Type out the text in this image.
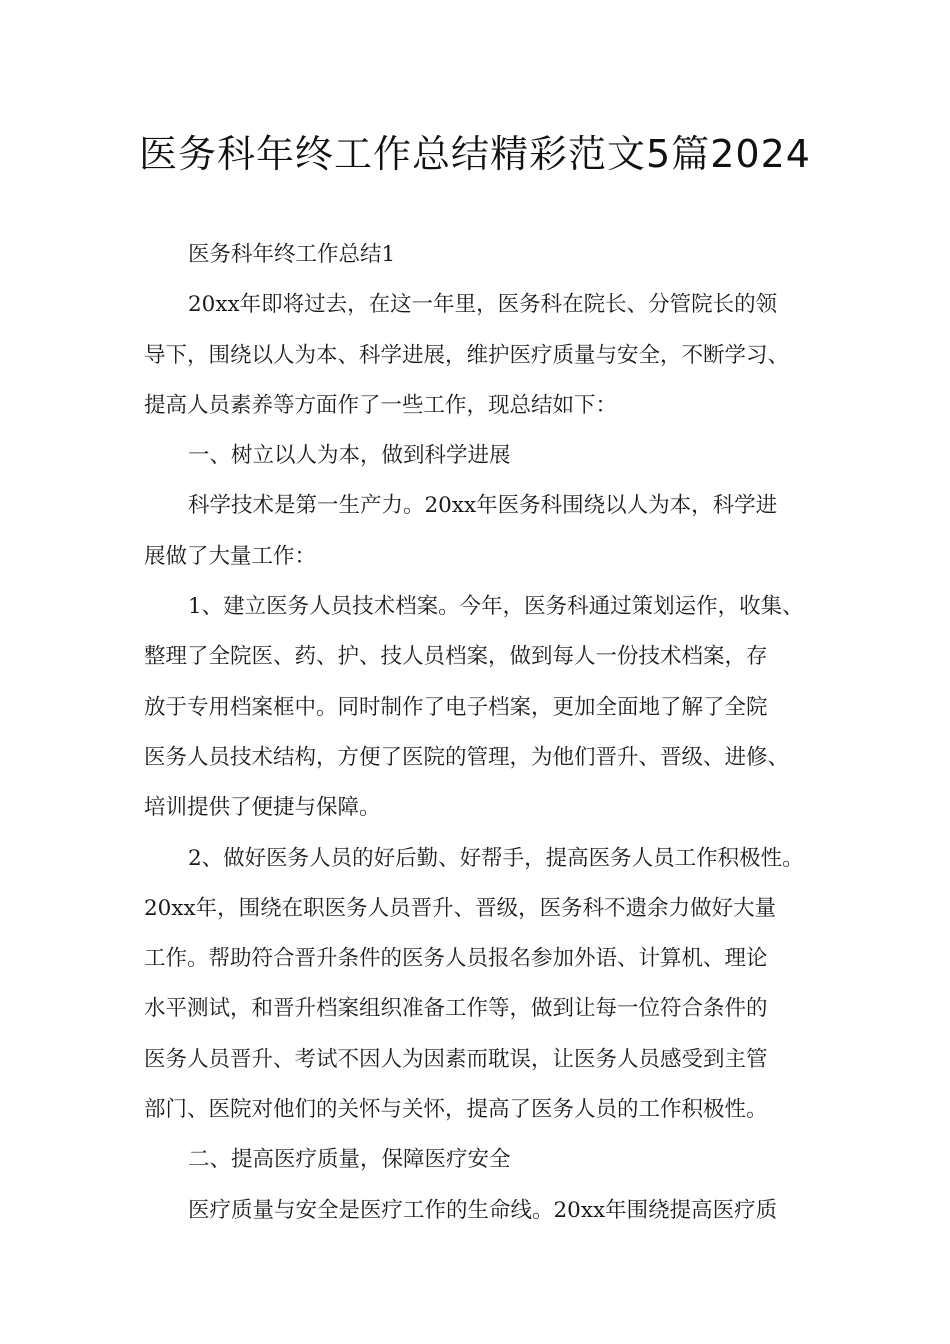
医务科年终工作总结精彩范文5篇2024
医务科年终工作总结1
20xx年即将过去，在这一年里，医务科在院长、分管院长的领
导下，围绕以人为本、科学进展，维护医疗质量与安全，不断学习、
提高人员素养等方面作了一些工作，现总结如下：
一、树立以人为本，做到科学进展
科学技术是第一生产力。20xx年医务科围绕以人为本，科学进
展做了大量工作：
1、建立医务人员技术档案。今年，医务科通过策划运作，收集、
整理了全院医、药、护、技人员档案，做到每人一份技术档案，存
放于专用档案框中。同时制作了电子档案，更加全面地了解了全院
医务人员技术结构，方便了医院的管理，为他们晋升、晋级、进修、
培训提供了便捷与保障。
2、做好医务人员的好后勤、好帮手，提高医务人员工作积极性。
20xx年，围绕在职医务人员晋升、晋级，医务科不遗余力做好大量
工作。帮助符合晋升条件的医务人员报名参加外语、计算机、理论
水平测试，和晋升档案组织准备工作等，做到让每一位符合条件的
医务人员晋升、考试不因人为因素而耽误，让医务人员感受到主管
部门、医院对他们的关怀与关怀，提高了医务人员的工作积极性。
二、提高医疗质量，保障医疗安全
医疗质量与安全是医疗工作的生命线。20xx年围绕提高医疗质
